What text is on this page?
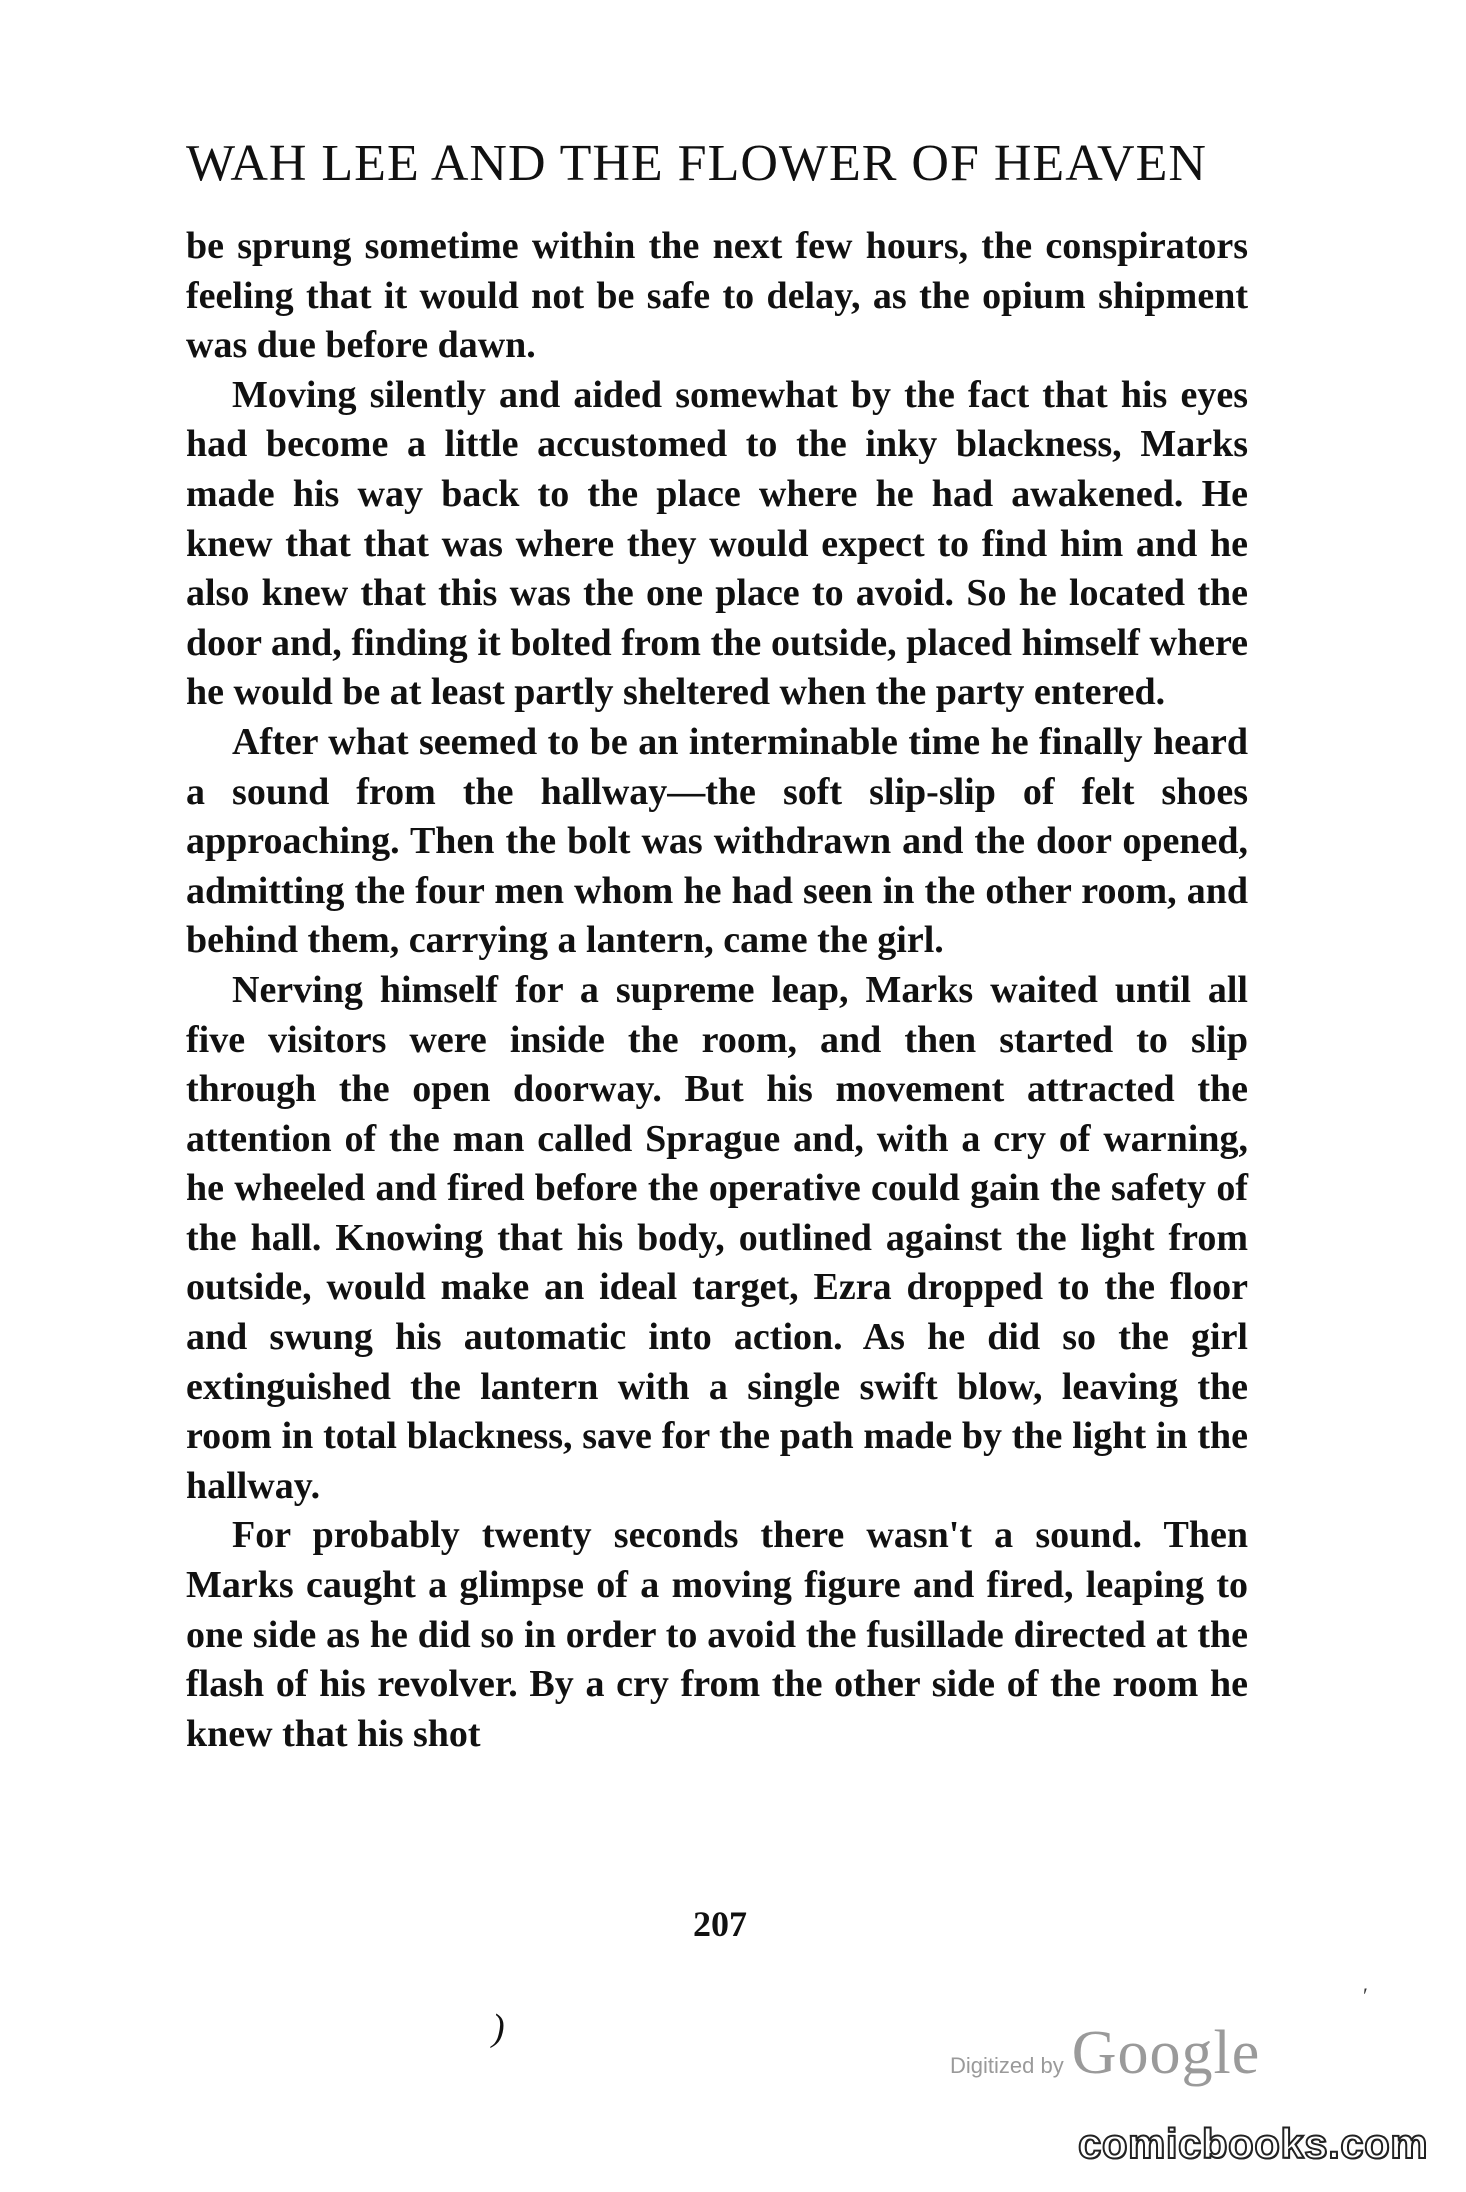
WAH LEE AND THE FLOWER OF HEAVEN

be sprung sometime within the next few hours, the conspirators feeling that it would not be safe to delay, as the opium shipment was due before dawn.

Moving silently and aided somewhat by the fact that his eyes had become a little accustomed to the inky blackness, Marks made his way back to the place where he had awakened. He knew that that was where they would expect to find him and he also knew that this was the one place to avoid. So he located the door and, finding it bolted from the outside, placed himself where he would be at least partly sheltered when the party entered.

After what seemed to be an interminable time he finally heard a sound from the hallway—the soft slip-slip of felt shoes approaching. Then the bolt was withdrawn and the door opened, admitting the four men whom he had seen in the other room, and behind them, carrying a lantern, came the girl.

Nerving himself for a supreme leap, Marks waited until all five visitors were inside the room, and then started to slip through the open doorway. But his movement attracted the attention of the man called Sprague and, with a cry of warning, he wheeled and fired before the operative could gain the safety of the hall. Knowing that his body, outlined against the light from outside, would make an ideal target, Ezra dropped to the floor and swung his automatic into action. As he did so the girl extinguished the lantern with a single swift blow, leaving the room in total blackness, save for the path made by the light in the hallway.

For probably twenty seconds there wasn't a sound. Then Marks caught a glimpse of a moving figure and fired, leaping to one side as he did so in order to avoid the fusillade directed at the flash of his revolver. By a cry from the other side of the room he knew that his shot

207
)
′
Digitized by Google
comicbooks.com
